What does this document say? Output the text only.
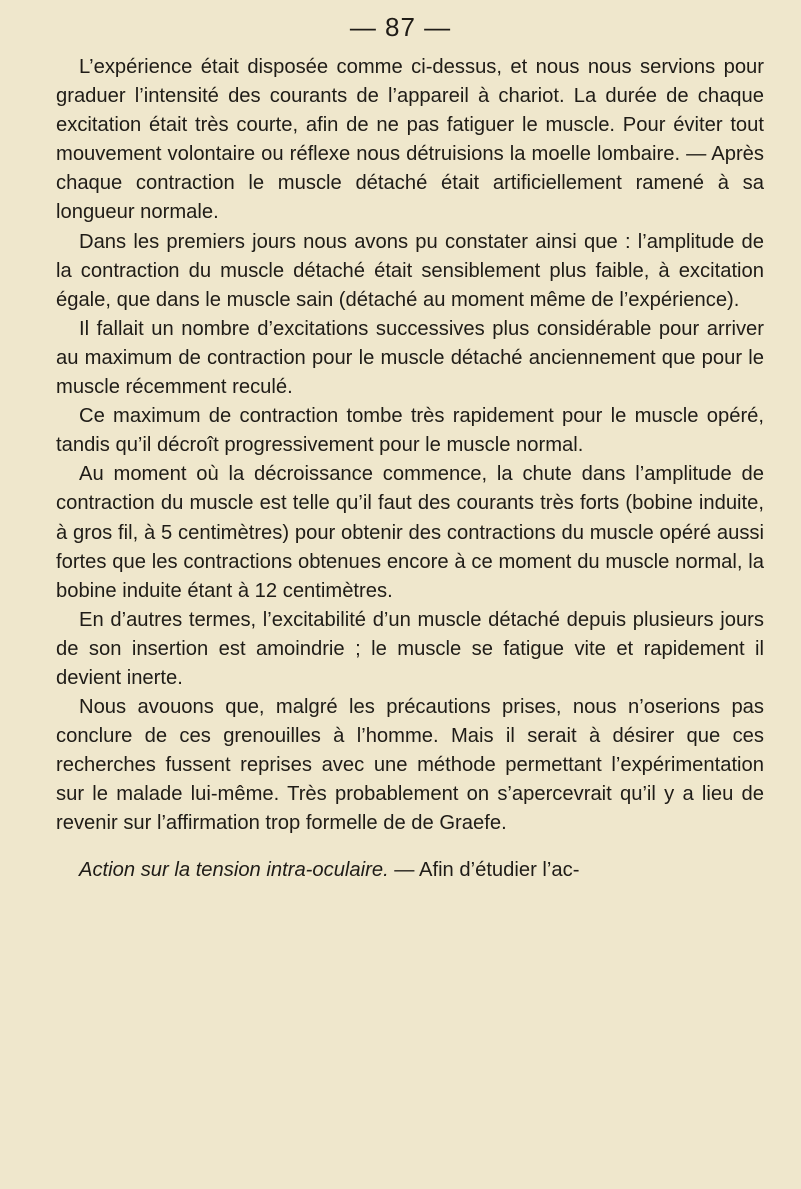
— 87 —

L’expérience était disposée comme ci-dessus, et nous nous servions pour graduer l’intensité des courants de l’appareil à chariot. La durée de chaque excitation était très courte, afin de ne pas fatiguer le muscle. Pour éviter tout mouvement volontaire ou réflexe nous détruisions la moelle lombaire. — Après chaque contraction le muscle détaché était artificiellement ramené à sa longueur normale.

Dans les premiers jours nous avons pu constater ainsi que : l’amplitude de la contraction du muscle détaché était sensiblement plus faible, à excitation égale, que dans le muscle sain (détaché au moment même de l’expérience).

Il fallait un nombre d’excitations successives plus considérable pour arriver au maximum de contraction pour le muscle détaché anciennement que pour le muscle récemment reculé.

Ce maximum de contraction tombe très rapidement pour le muscle opéré, tandis qu’il décroît progressivement pour le muscle normal.

Au moment où la décroissance commence, la chute dans l’amplitude de contraction du muscle est telle qu’il faut des courants très forts (bobine induite, à gros fil, à 5 centimètres) pour obtenir des contractions du muscle opéré aussi fortes que les contractions obtenues encore à ce moment du muscle normal, la bobine induite étant à 12 centimètres.

En d’autres termes, l’excitabilité d’un muscle détaché depuis plusieurs jours de son insertion est amoindrie ; le muscle se fatigue vite et rapidement il devient inerte.

Nous avouons que, malgré les précautions prises, nous n’oserions pas conclure de ces grenouilles à l’homme. Mais il serait à désirer que ces recherches fussent reprises avec une méthode permettant l’expérimentation sur le malade lui-même. Très probablement on s’apercevrait qu’il y a lieu de revenir sur l’affirmation trop formelle de de Graefe.

Action sur la tension intra-oculaire. — Afin d’étudier l’ac-
